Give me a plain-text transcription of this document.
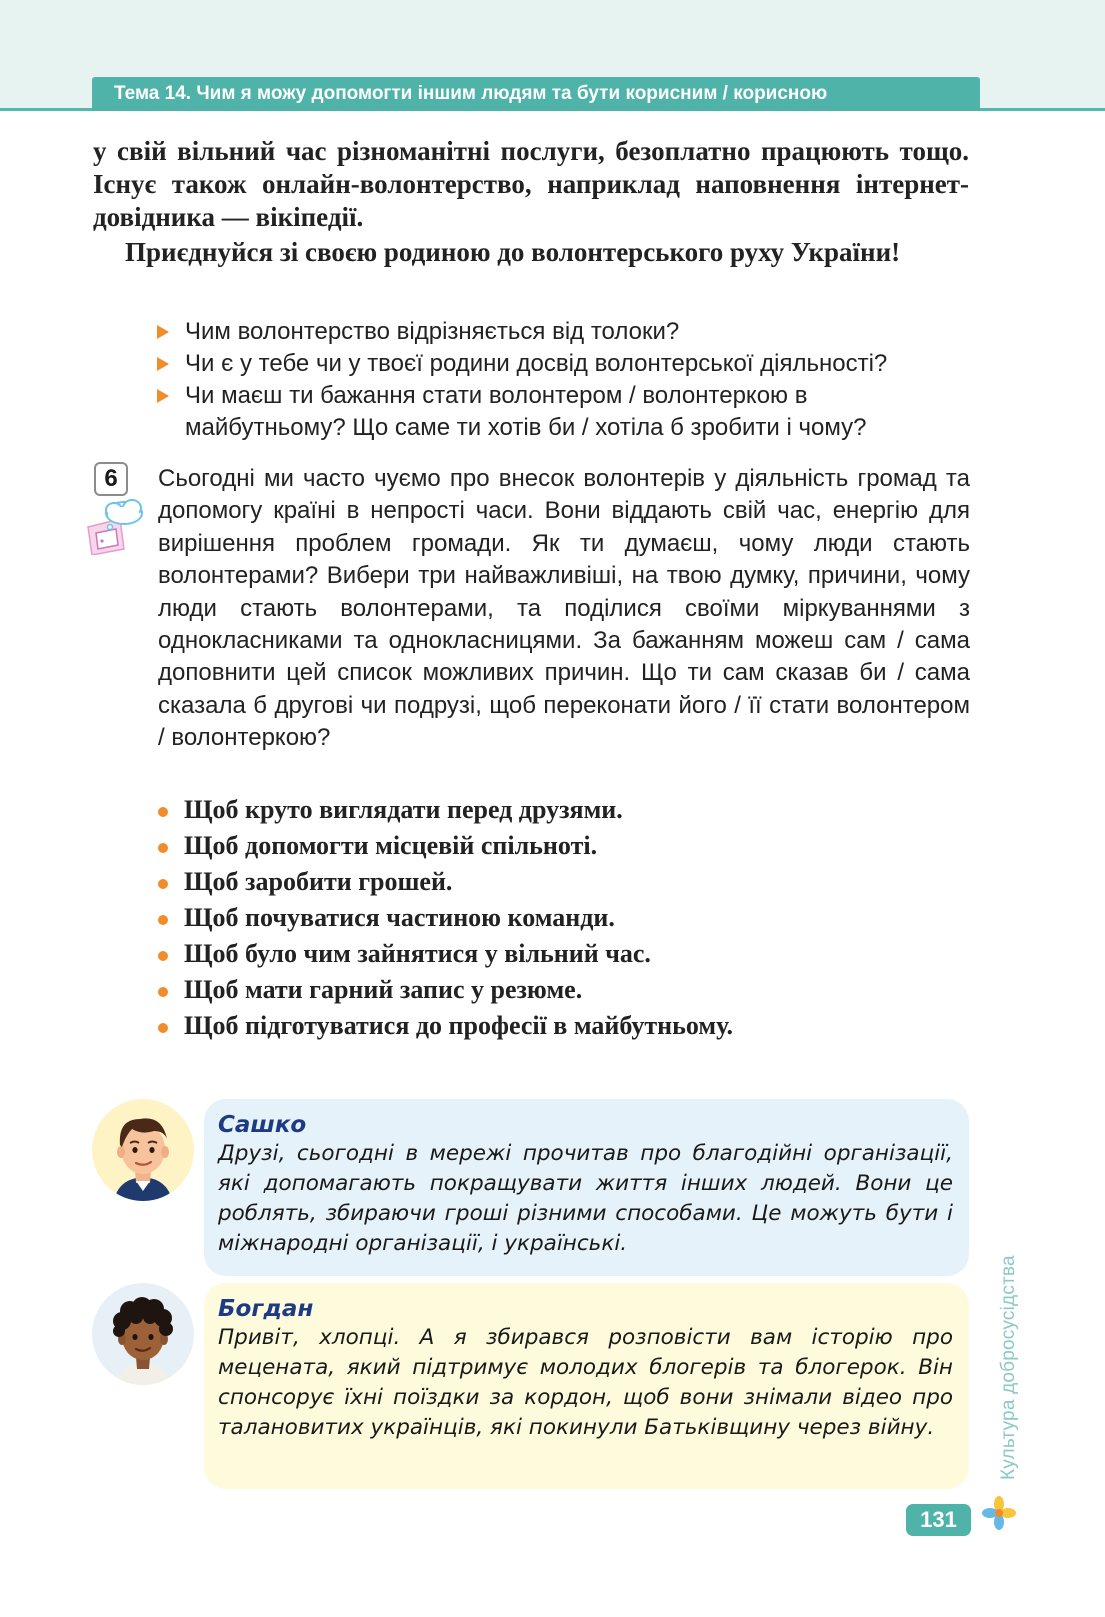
Тема 14. Чим я можу допомогти іншим людям та бути корисним / корисною

у свій вільний час різноманітні послуги, безоплатно працюють тощо. Існує також онлайн-волонтерство, наприклад наповнення інтернет-довідника — вікіпедії.

Приєднуйся зі своєю родиною до волонтерського руху України!

Чим волонтерство відрізняється від толоки?
Чи є у тебе чи у твоєї родини досвід волонтерської діяльності?
Чи маєш ти бажання стати волонтером / волонтеркою в майбутньому? Що саме ти хотів би / хотіла б зробити і чому?
6	Сьогодні ми часто чуємо про внесок волонтерів у діяльність громад та допомогу країні в непрості часи. Вони віддають свій час, енергію для вирішення проблем громади. Як ти думаєш, чому люди стають волонтерами? Вибери три найважливіші, на твою думку, причини, чому люди стають волонтерами, та поділися своїми міркуваннями з однокласниками та однокласницями. За бажанням можеш сам / сама доповнити цей список можливих причин. Що ти сам сказав би / сама сказала б другові чи подрузі, щоб переконати його / її стати волонтером / волонтеркою?

Щоб круто виглядати перед друзями.
Щоб допомогти місцевій спільноті.
Щоб заробити грошей.
Щоб почуватися частиною команди.
Щоб було чим зайнятися у вільний час.
Щоб мати гарний запис у резюме.
Щоб підготуватися до професії в майбутньому.

Сашко

Друзі, сьогодні в мережі прочитав про благодійні організації, які допомагають покращувати життя інших людей. Вони це роблять, збираючи гроші різними способами. Це можуть бути і міжнародні організації, і українські.

Богдан

Привіт, хлопці. А я збирався розповісти вам історію про мецената, який підтримує молодих блогерів та блогерок. Він спонсорує їхні поїздки за кордон, щоб вони знімали відео про талановитих українців, які покинули Батьківщину через війну.	Культура добросусідства
131
